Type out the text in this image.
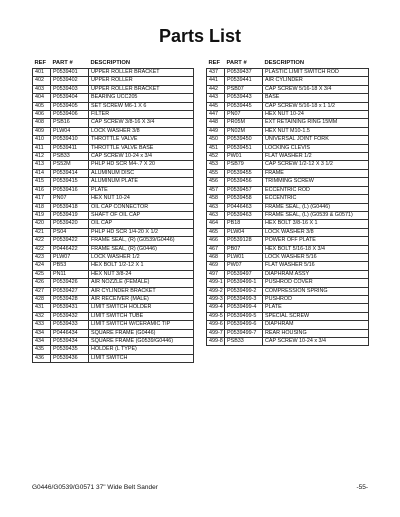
Parts List
REF	PART #	DESCRIPTION
401	P0539401	UPPER ROLLER BRACKET
402	P0539402	UPPER ROLLER
403	P0539403	UPPER ROLLER BRACKET
404	P0539404	BEARING UCC205
405	P0539405	SET SCREW M6-1 X 6
406	P0539406	FILTER
408	PSB16	CAP SCREW 3/8-16 X 3/4
409	PLW04	LOCK WASHER 3/8
410	P0539410	THROTTLE VALVE
411	P0539411	THROTTLE VALVE BASE
412	PSB33	CAP SCREW 10-24 x 3/4
413	PS52M	PHLP HD SCR M4-.7 X 20
414	P0539414	ALUMINUM DISC
415	P0539415	ALUMINUM PLATE
416	P0539416	PLATE
417	PN07	HEX NUT 10-24
418	P0539418	OIL CAP CONNECTOR
419	P0539419	SHAFT OF OIL CAP
420	P0539420	OIL CAP
421	PS04	PHLP HD SCR 1/4-20 X 1/2
422	P0539422	FRAME SEAL, (R) (G0539/G0446)
422	P0446422	FRAME SEAL, (R) (G0446)
423	PLW07	LOCK WASHER 1/2
424	PB53	HEX BOLT 1/2-12 X 1
425	PN11	HEX NUT 3/8-24
426	P0539426	AIR NOZZLE (FEMALE)
427	P0539427	AIR CYLINDER BRACKET
428	P0539428	AIR RECEIVER (MALE)
431	P0539431	LIMIT SWITCH HOLDER
432	P0539432	LIMIT SWITCH TUBE
433	P0539433	LIMIT SWITCH W/CERAMIC TIP
434	P0446434	SQUARE FRAME (G0446)
434	P0539434	SQUARE FRAME (G0539/G0446)
435	P0539435	HOLDER (L TYPE)
436	P0539436	LIMIT SWITCH
REF	PART #	DESCRIPTION
437	P0539437	PLASTIC LIMIT SWITCH ROD
441	P0539441	AIR CYLINDER
442	PSB07	CAP SCREW 5/16-18 X 3/4
443	P0539443	BASE
445	P0539445	CAP SCREW 5/16-18 x 1 1/2
447	PN07	HEX NUT 10-24
448	PR05M	EXT RETAINING RING 15MM
449	PN02M	HEX NUT M10-1.5
450	P0539450	UNIVERSAL JOINT FORK
451	P0539451	LOCKING CLEVIS
452	PW01	FLAT WASHER 1/2
453	PSB79	CAP SCREW 1/2-12 X 3 1/2
455	P0539455	FRAME
456	P0539456	TRIMMING SCREW
457	P0539457	ECCENTRIC ROD
458	P0539458	ECCENTRIC
463	P0446463	FRAME SEAL, (L) (G0446)
463	P0539463	FRAME SEAL, (L) (G0539 & G0571)
464	PB18	HEX BOLT 3/8-16 X 1
465	PLW04	LOCK WASHER 3/8
466	P0539128	POWER OFF PLATE
467	PB07	HEX BOLT 5/16-18 X 3/4
468	PLW01	LOCK WASHER 5/16
469	PW07	FLAT WASHER 5/16
497	P0539497	DIAPHRAM ASSY
499-1	P0539499-1	PUSHROD COVER
499-2	P0539499-2	COMPRESSION SPRING
499-3	P0539499-3	PUSHROD
499-4	P0539499-4	PLATE
499-5	P0539499-5	SPECIAL SCREW
499-6	P0539499-6	DIAPHRAM
499-7	P0539499-7	REAR HOUSING
499-8	PSB33	CAP SCREW 10-24 x 3/4
G0446/G0539/G0571 37" Wide Belt Sander	-55-
